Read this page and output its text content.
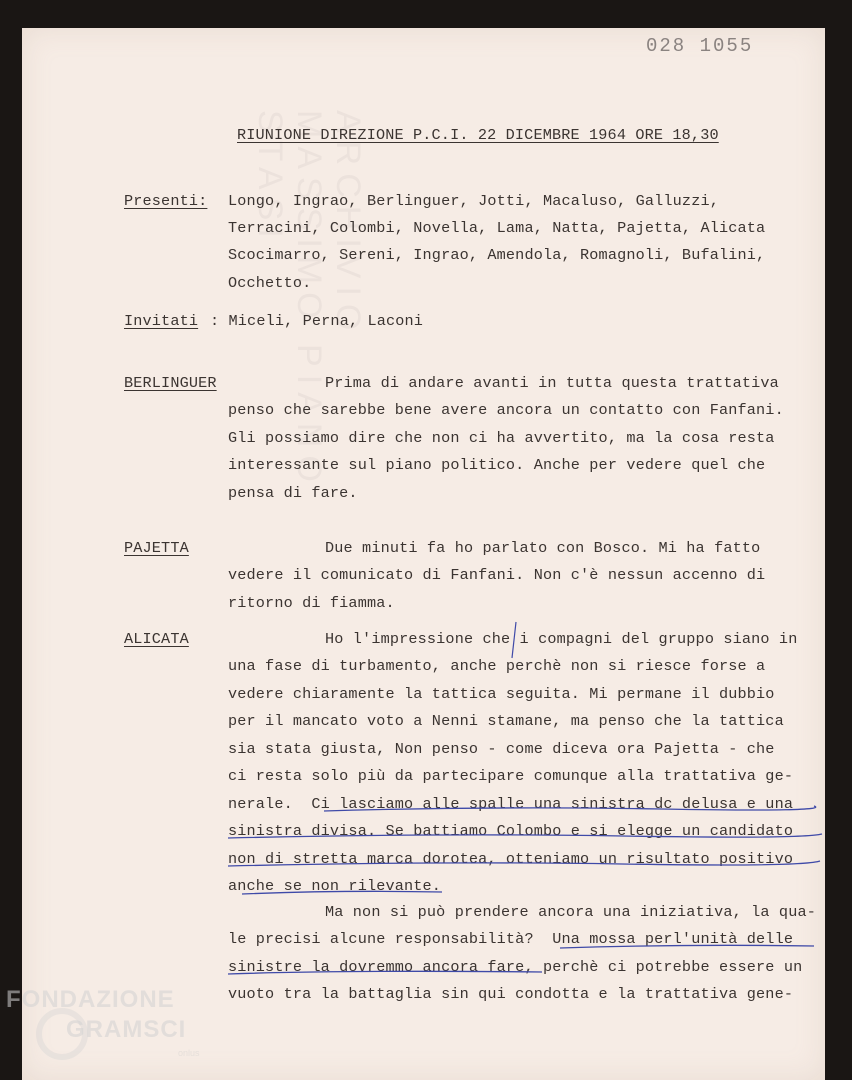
ARCHIVIO MASSIMO PIANO STASI
028 1055
RIUNIONE DIREZIONE P.C.I. 22 DICEMBRE 1964 ORE 18,30
Presenti: Longo, Ingrao, Berlinguer, Jotti, Macaluso, Galluzzi,
Terracini, Colombi, Novella, Lama, Natta, Pajetta, Alicata
Scocimarro, Sereni, Ingrao, Amendola, Romagnoli, Bufalini,
Occhetto.
Invitati : Miceli, Perna, Laconi
BERLINGUER	Prima di andare avanti in tutta questa trattativa
penso che sarebbe bene avere ancora un contatto con Fanfani.
Gli possiamo dire che non ci ha avvertito, ma la cosa resta
interessante sul piano politico. Anche per vedere quel che
pensa di fare.
PAJETTA	Due minuti fa ho parlato con Bosco. Mi ha fatto
vedere il comunicato di Fanfani. Non c'è nessun accenno di
ritorno di fiamma.
ALICATA	Ho l'impressione che i compagni del gruppo siano in
una fase di turbamento, anche perchè non si riesce forse a
vedere chiaramente la tattica seguita. Mi permane il dubbio
per il mancato voto a Nenni stamane, ma penso che la tattica
sia stata giusta, Non penso - come diceva ora Pajetta - che
ci resta solo più da partecipare comunque alla trattativa ge-
nerale.  Ci lasciamo alle spalle una sinistra dc delusa e una
sinistra divisa. Se battiamo Colombo e si elegge un candidato
non di stretta marca dorotea, otteniamo un risultato positivo
anche se non rilevante.
Ma non si può prendere ancora una iniziativa, la qua-
le precisi alcune responsabilità?  Una mossa perl'unità delle
sinistre la dovremmo ancora fare, perchè ci potrebbe essere un
vuoto tra la battaglia sin qui condotta e la trattativa gene-
FONDAZIONE
GRAMSCI
onlus
